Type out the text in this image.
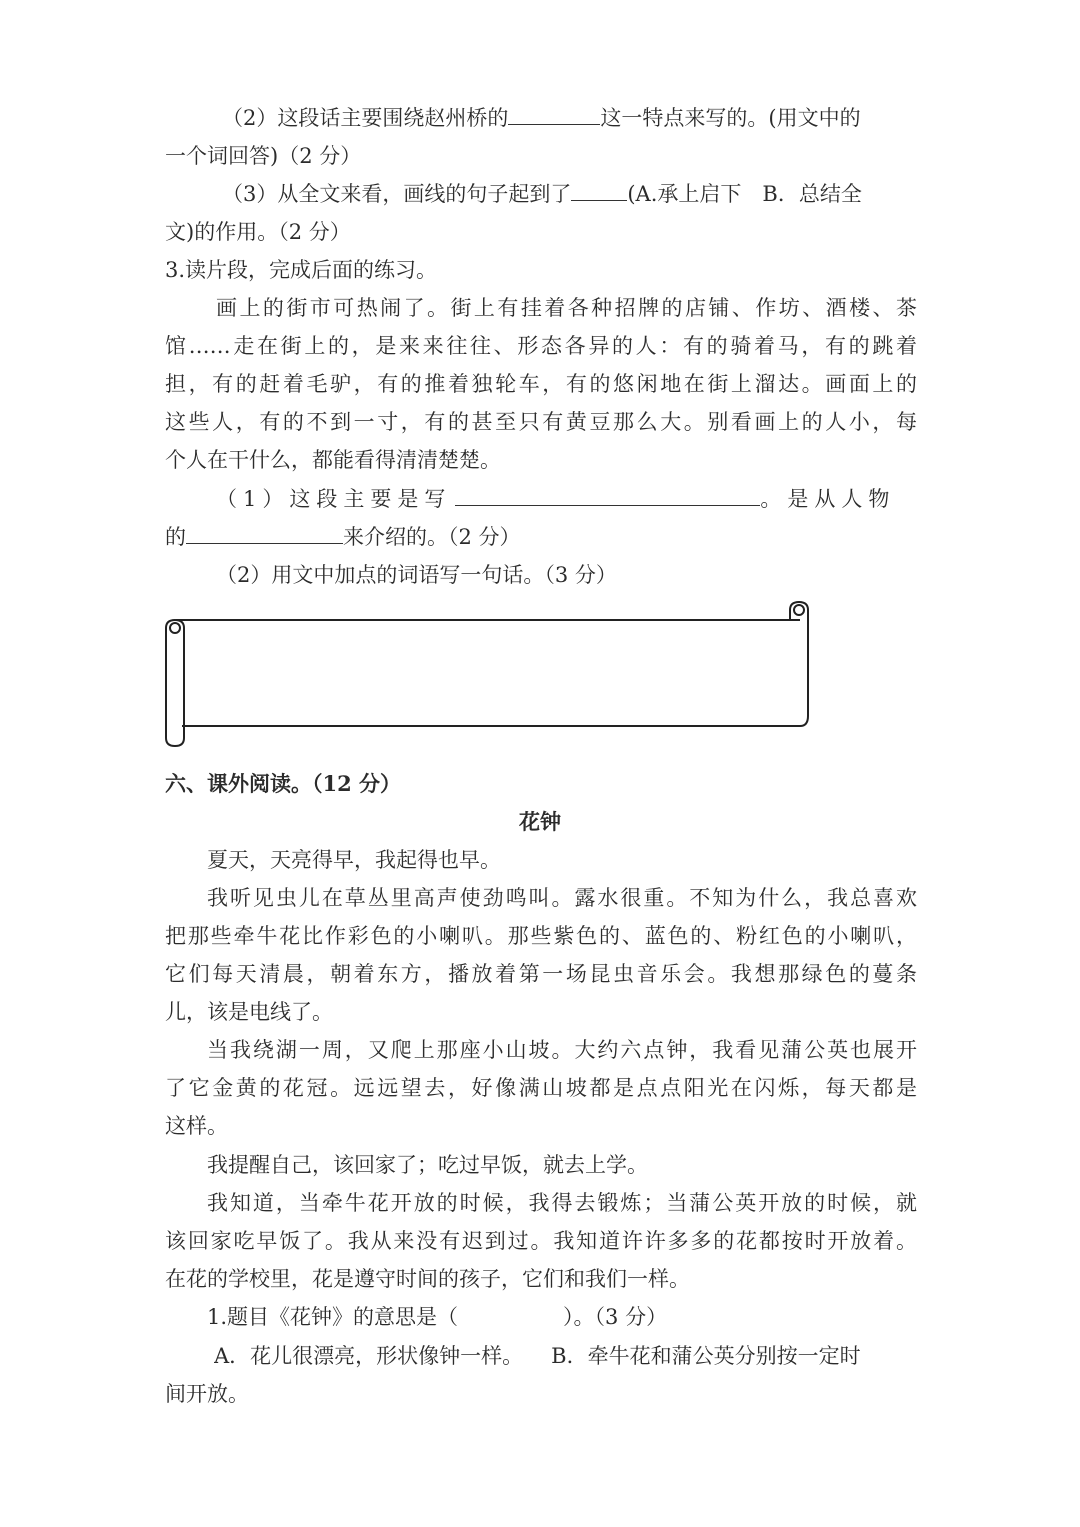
（2）这段话主要围绕赵州桥的	这一特点来写的。(用文中的
一个词回答)（2 分）
（3）从全文来看，画线的句子起到了	(A.承上启下　B．总结全
文)的作用。（2 分）
3.读片段，完成后面的练习。
画上的街市可热闹了。街上有挂着各种招牌的店铺、作坊、酒楼、茶
馆……走在街上的，是来来往往、形态各异的人：有的骑着马，有的跳着
担，有的赶着毛驴，有的推着独轮车，有的悠闲地在街上溜达。画面上的
这些人，有的不到一寸，有的甚至只有黄豆那么大。别看画上的人小，每
个人在干什么，都能看得清清楚楚。
（1）这段主要是写	。是从人物
的	来介绍的。（2 分）
（2）用文中加点的词语写一句话。（3 分）
六、课外阅读。（12 分）
花钟
夏天，天亮得早，我起得也早。
我听见虫儿在草丛里高声使劲鸣叫。露水很重。不知为什么，我总喜欢
把那些牵牛花比作彩色的小喇叭。那些紫色的、蓝色的、粉红色的小喇叭，
它们每天清晨，朝着东方，播放着第一场昆虫音乐会。我想那绿色的蔓条
儿，该是电线了。
当我绕湖一周，又爬上那座小山坡。大约六点钟，我看见蒲公英也展开
了它金黄的花冠。远远望去，好像满山坡都是点点阳光在闪烁，每天都是
这样。
我提醒自己，该回家了；吃过早饭，就去上学。
我知道，当牵牛花开放的时候，我得去锻炼；当蒲公英开放的时候，就
该回家吃早饭了。我从来没有迟到过。我知道许许多多的花都按时开放着。
在花的学校里，花是遵守时间的孩子，它们和我们一样。
1.题目《花钟》的意思是（　　　　　）。（3 分）
A．花儿很漂亮，形状像钟一样。 B．牵牛花和蒲公英分别按一定时
间开放。
